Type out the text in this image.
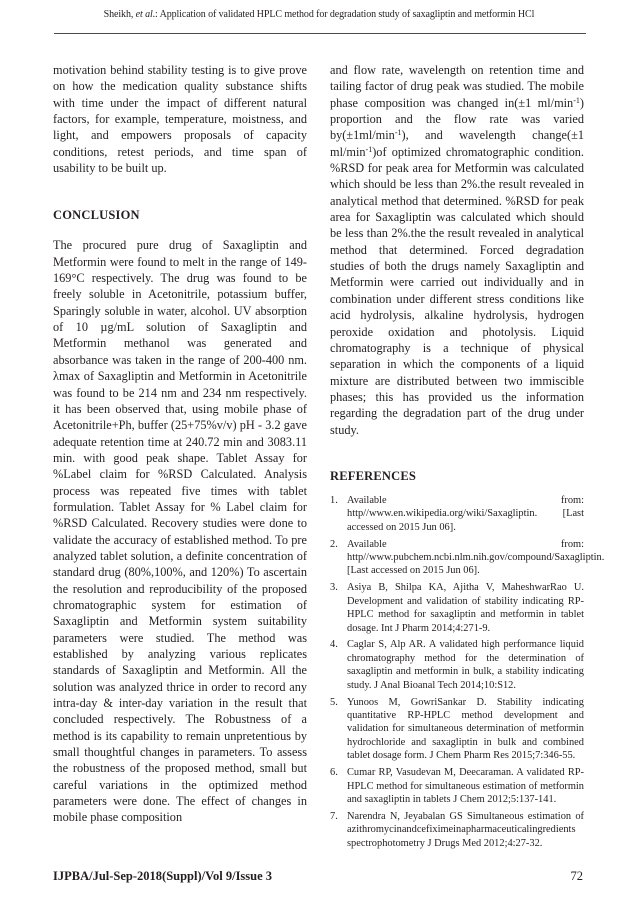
Sheikh, et al.: Application of validated HPLC method for degradation study of saxagliptin and metformin HCl

motivation behind stability testing is to give prove on how the medication quality substance shifts with time under the impact of different natural factors, for example, temperature, moistness, and light, and empowers proposals of capacity conditions, retest periods, and time span of usability to be built up.

CONCLUSION

The procured pure drug of Saxagliptin and Metformin were found to melt in the range of 149-169°C respectively. The drug was found to be freely soluble in Acetonitrile, potassium buffer, Sparingly soluble in water, alcohol. UV absorption of 10 µg/mL solution of Saxagliptin and Metformin methanol was generated and absorbance was taken in the range of 200-400 nm. λmax of Saxagliptin and Metformin in Acetonitrile was found to be 214 nm and 234 nm respectively. it has been observed that, using mobile phase of Acetonitrile+Ph, buffer (25+75%v/v) pH - 3.2 gave adequate retention time at 240.72 min and 3083.11 min. with good peak shape. Tablet Assay for %Label claim for %RSD Calculated. Analysis process was repeated five times with tablet formulation. Tablet Assay for % Label claim for %RSD Calculated. Recovery studies were done to validate the accuracy of established method. To pre analyzed tablet solution, a definite concentration of standard drug (80%,100%, and 120%) To ascertain the resolution and reproducibility of the proposed chromatographic system for estimation of Saxagliptin and Metformin system suitability parameters were studied. The method was established by analyzing various replicates standards of Saxagliptin and Metformin. All the solution was analyzed thrice in order to record any intra-day & inter-day variation in the result that concluded respectively. The Robustness of a method is its capability to remain unpretentious by small thoughtful changes in parameters. To assess the robustness of the proposed method, small but careful variations in the optimized method parameters were done. The effect of changes in mobile phase composition

and flow rate, wavelength on retention time and tailing factor of drug peak was studied. The mobile phase composition was changed in(±1 $ml/\min^{-1}$) proportion and the flow rate was varied $by(\pm 1ml/\min^{-1})$, and wavelength change(±1 $ml/\min^{-1})of$ optimized chromatographic condition. %RSD for peak area for Metformin was calculated which should be less than 2%.the result revealed in analytical method that determined. %RSD for peak area for Saxagliptin was calculated which should be less than 2%.the the result revealed in analytical method that determined. Forced degradation studies of both the drugs namely Saxagliptin and Metformin were carried out individually and in combination under different stress conditions like acid hydrolysis, alkaline hydrolysis, hydrogen peroxide oxidation and photolysis. Liquid chromatography is a technique of physical separation in which the components of a liquid mixture are distributed between two immiscible phases; this has provided us the information regarding the degradation part of the drug under study.

REFERENCES
1. Available from: http//www.en.wikipedia.org/wiki/Saxagliptin. [Last accessed on 2015 Jun 06].
2. Available from: http//www.pubchem.ncbi.nlm.nih.gov/compound/Saxagliptin. [Last accessed on 2015 Jun 06].
3. Asiya B, Shilpa KA, Ajitha V, MaheshwarRao U. Development and validation of stability indicating RP-HPLC method for saxagliptin and metformin in tablet dosage. Int J Pharm 2014;4:271-9.
4. Caglar S, Alp AR. A validated high performance liquid chromatography method for the determination of saxagliptin and metformin in bulk, a stability indicating study. J Anal Bioanal Tech 2014;10:S12.
5. Yunoos M, GowriSankar D. Stability indicating quantitative RP-HPLC method development and validation for simultaneous determination of metformin hydrochloride and saxagliptin in bulk and combined tablet dosage form. J Chem Pharm Res 2015;7:346-55.
6. Cumar RP, Vasudevan M, Deecaraman. A validated RP-HPLC method for simultaneous estimation of metformin and saxagliptin in tablets J Chem 2012;5:137-141.
7. Narendra N, Jeyabalan GS Simultaneous estimation of azithromycinandcefiximeinapharmaceuticalingredients spectrophotometry J Drugs Med 2012;4:27-32.
IJPBA/Jul-Sep-2018(Suppl)/Vol 9/Issue 3	72
